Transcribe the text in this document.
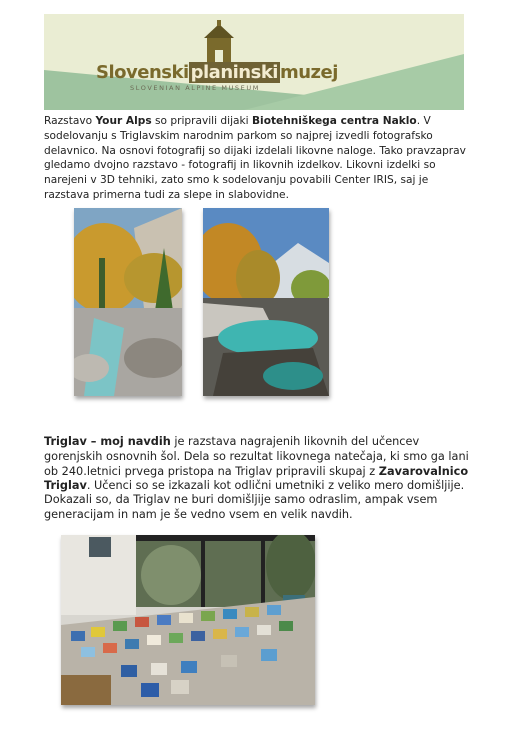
Slovenski planinski muzej
SLOVENIAN ALPINE MUSEUM
Razstavo Your Alps so pripravili dijaki Biotehniškega centra Naklo. V sodelovanju s Triglavskim narodnim parkom so najprej izvedli fotografsko delavnico. Na osnovi fotografij so dijaki izdelali likovne naloge. Tako pravzaprav gledamo dvojno razstavo - fotografij in likovnih izdelkov. Likovni izdelki so narejeni v 3D tehniki, zato smo k sodelovanju povabili Center IRIS, saj je razstava primerna tudi za slepe in slabovidne.
Triglav – moj navdih je razstava nagrajenih likovnih del učencev gorenjskih osnovnih šol. Dela so rezultat likovnega natečaja, ki smo ga lani ob 240.letnici prvega pristopa na Triglav pripravili skupaj z Zavarovalnico Triglav. Učenci so se izkazali kot odlični umetniki z veliko mero domišljije.
Dokazali so, da Triglav ne buri domišljije samo odraslim, ampak vsem generacijam in nam je še vedno vsem en velik navdih.
